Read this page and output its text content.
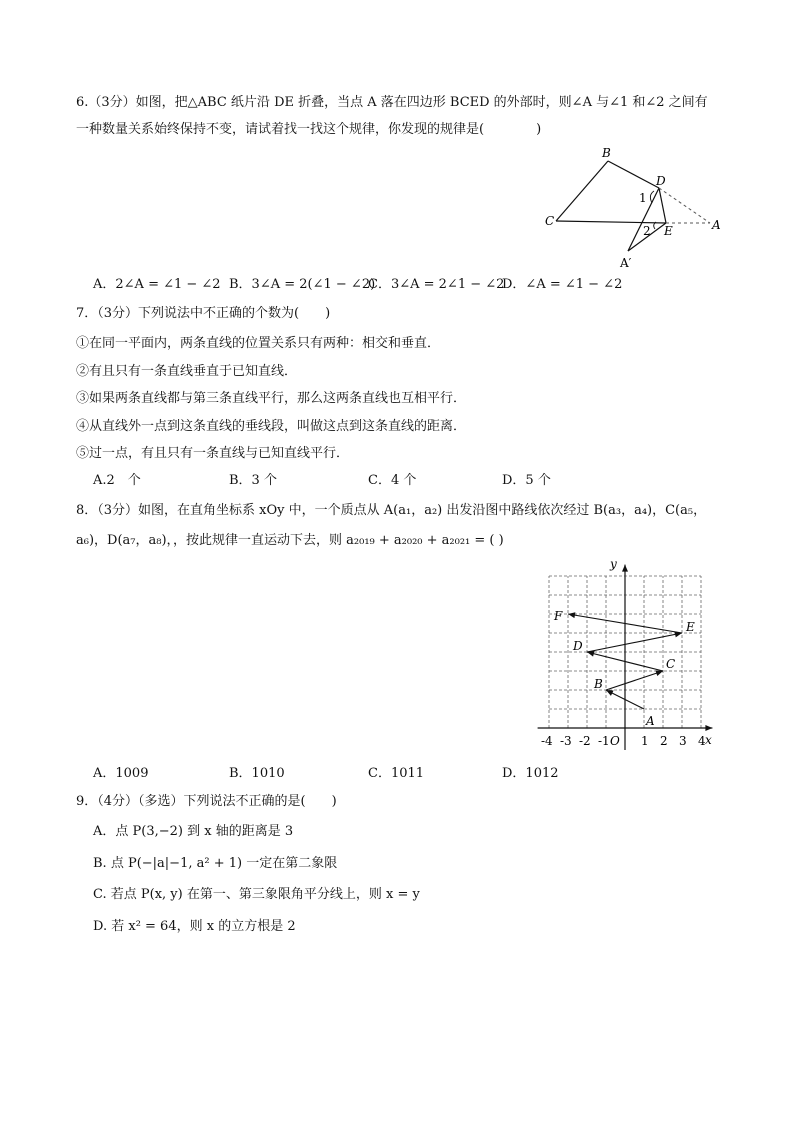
6.（3分）如图，把△ABC 纸片沿 DE 折叠，当点 A 落在四边形 BCED 的外部时，则∠A 与∠1 和∠2 之间有
一种数量关系始终保持不变，请试着找一找这个规律，你发现的规律是(　　　　)
B
D
C
1
2 E	A
A′
A．2∠A = ∠1 − ∠2 B．3∠A = 2(∠1 − ∠2)
C．3∠A = 2∠1 − ∠2
D．∠A = ∠1 − ∠2
7．（3分）下列说法中不正确的个数为(　　)
①在同一平面内，两条直线的位置关系只有两种：相交和垂直．
②有且只有一条直线垂直于已知直线．
③如果两条直线都与第三条直线平行，那么这两条直线也互相平行．
④从直线外一点到这条直线的垂线段，叫做这点到这条直线的距离．
⑤过一点，有且只有一条直线与已知直线平行．
A.2　个	B．3 个	C．4 个	D．5 个
8．（3分）如图，在直角坐标系 xOy 中，一个质点从 A(a₁，a₂) 出发沿图中路线依次经过 B(a₃，a₄)，C(a₅，
a₆)，D(a₇，a₈)，，按此规律一直运动下去，则 a₂₀₁₉ + a₂₀₂₀ + a₂₀₂₁ = ( )
-4 -3 -2 -1	1 2 3 4
A
B
C
D
E
F
x
y
O
A．1009	B．1010	C．1011	D．1012
9．（4分）（多选）下列说法不正确的是(　　)
A．点 P(3,−2) 到 x 轴的距离是 3
B. 点 P(−|a|−1, a² + 1) 一定在第二象限
C. 若点 P(x, y) 在第一、第三象限角平分线上，则 x = y
D. 若 x² = 64，则 x 的立方根是 2
